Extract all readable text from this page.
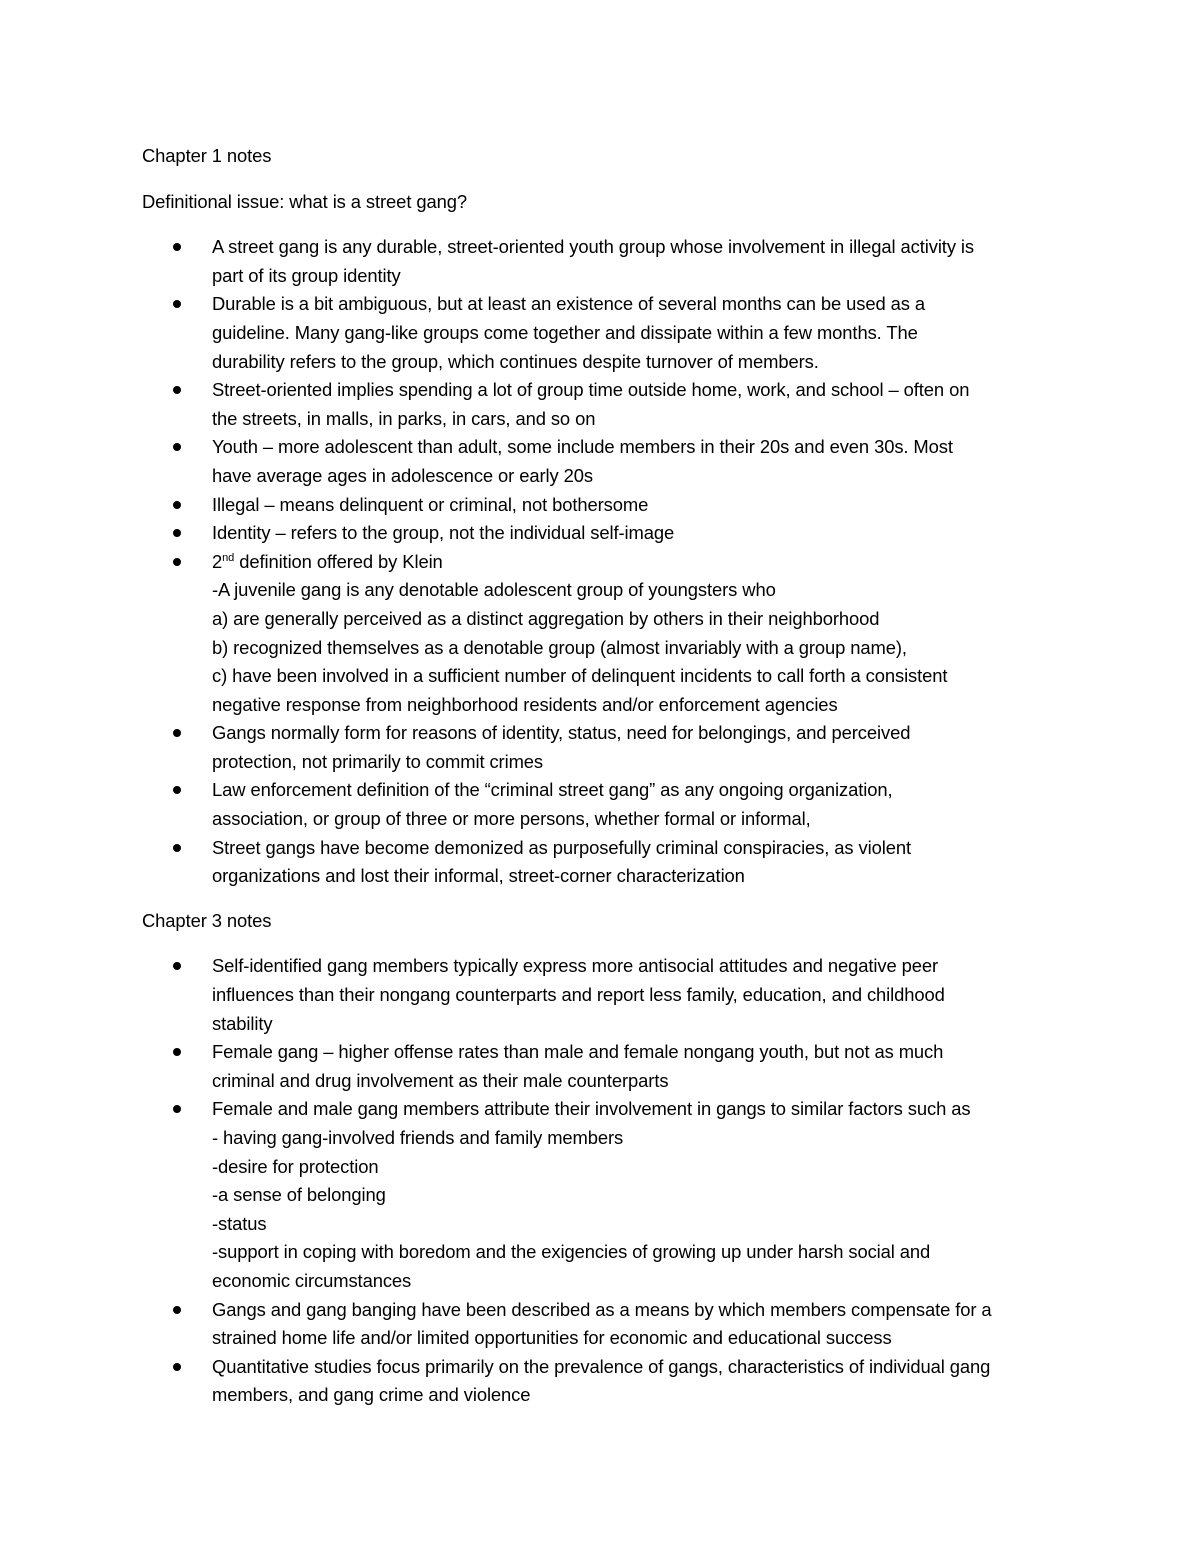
Chapter 1 notes

Definitional issue: what is a street gang?

A street gang is any durable, street-oriented youth group whose involvement in illegal activity is
part of its group identity
Durable is a bit ambiguous, but at least an existence of several months can be used as a
guideline. Many gang-like groups come together and dissipate within a few months. The
durability refers to the group, which continues despite turnover of members.
Street-oriented implies spending a lot of group time outside home, work, and school – often on
the streets, in malls, in parks, in cars, and so on
Youth – more adolescent than adult, some include members in their 20s and even 30s. Most
have average ages in adolescence or early 20s
Illegal – means delinquent or criminal, not bothersome
Identity – refers to the group, not the individual self-image
2nd definition offered by Klein
-A juvenile gang is any denotable adolescent group of youngsters who
a) are generally perceived as a distinct aggregation by others in their neighborhood
b) recognized themselves as a denotable group (almost invariably with a group name),
c) have been involved in a sufficient number of delinquent incidents to call forth a consistent
negative response from neighborhood residents and/or enforcement agencies
Gangs normally form for reasons of identity, status, need for belongings, and perceived
protection, not primarily to commit crimes
Law enforcement definition of the “criminal street gang” as any ongoing organization,
association, or group of three or more persons, whether formal or informal,
Street gangs have become demonized as purposefully criminal conspiracies, as violent
organizations and lost their informal, street-corner characterization

Chapter 3 notes

Self-identified gang members typically express more antisocial attitudes and negative peer
influences than their nongang counterparts and report less family, education, and childhood
stability
Female gang – higher offense rates than male and female nongang youth, but not as much
criminal and drug involvement as their male counterparts
Female and male gang members attribute their involvement in gangs to similar factors such as
- having gang-involved friends and family members
-desire for protection
-a sense of belonging
-status
-support in coping with boredom and the exigencies of growing up under harsh social and
economic circumstances
Gangs and gang banging have been described as a means by which members compensate for a
strained home life and/or limited opportunities for economic and educational success
Quantitative studies focus primarily on the prevalence of gangs, characteristics of individual gang
members, and gang crime and violence
